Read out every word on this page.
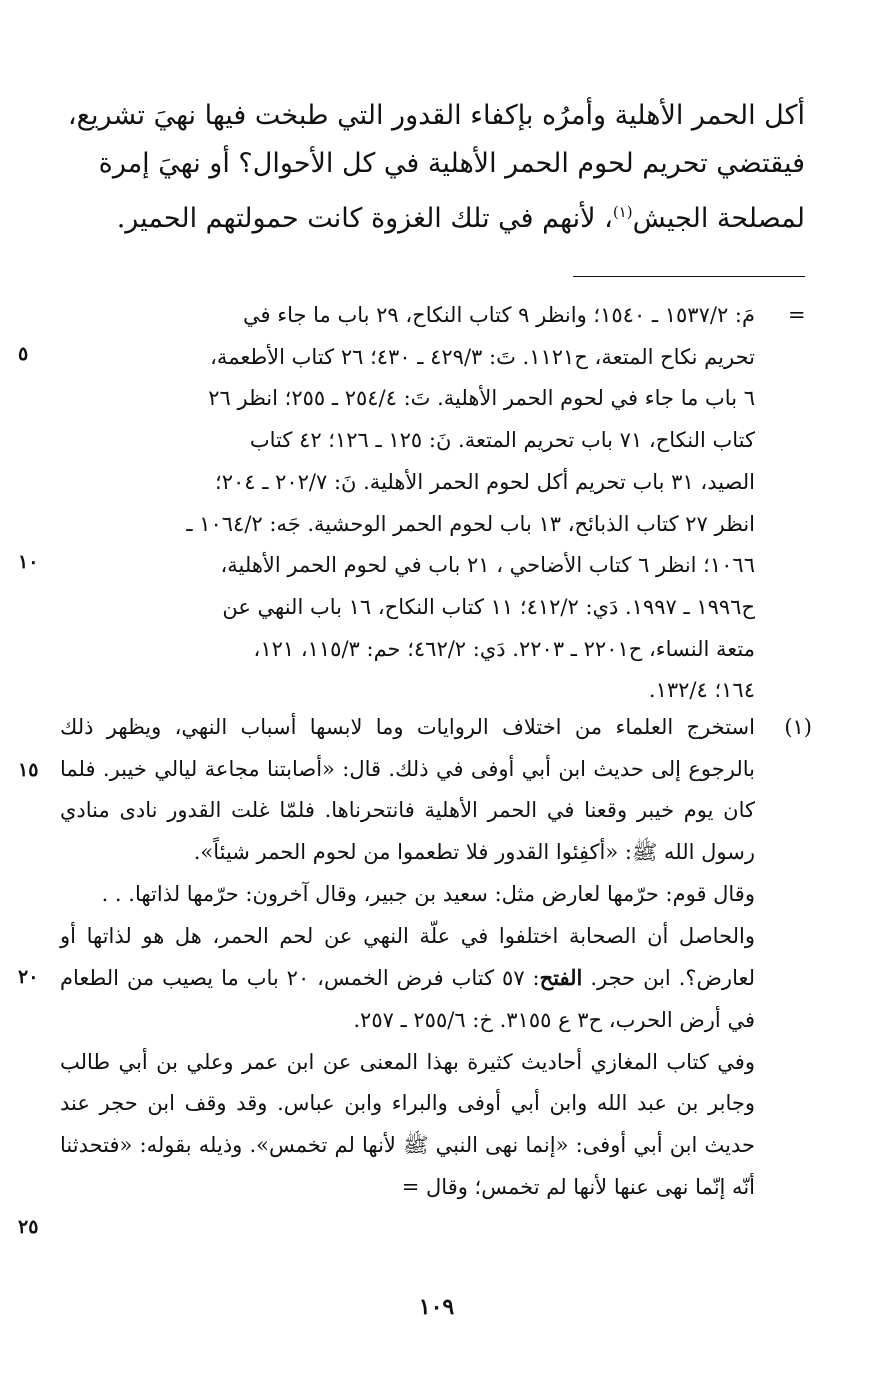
أكل الحمر الأهلية وأمرُه بإكفاء القدور التي طبخت فيها نهيَ تشريع،

فيقتضي تحريم لحوم الحمر الأهلية في كل الأحوال؟ أو نهيَ إمرة

لمصلحة الجيش$^{(١)}$، لأنهم في تلك الغزوة كانت حمولتهم الحمير.

=

مَ: ١٥٣٧/٢ ـ ١٥٤٠؛ وانظر ٩ كتاب النكاح، ٢٩ باب ما جاء في

تحريم نكاح المتعة، ح١١٢١. تَ: ٤٢٩/٣ ـ ٤٣٠؛ ٢٦ كتاب الأطعمة،

٦ باب ما جاء في لحوم الحمر الأهلية. تَ: ٢٥٤/٤ ـ ٢٥٥؛ انظر ٢٦

كتاب النكاح، ٧١ باب تحريم المتعة. نَ: ١٢٥ ـ ١٢٦؛ ٤٢ كتاب

الصيد، ٣١ باب تحريم أكل لحوم الحمر الأهلية. نَ: ٢٠٢/٧ ـ ٢٠٤؛

انظر ٢٧ كتاب الذبائح، ١٣ باب لحوم الحمر الوحشية. جَه: ١٠٦٤/٢ ـ

١٠٦٦؛ انظر ٦ كتاب الأضاحي ، ٢١ باب في لحوم الحمر الأهلية،

ح١٩٩٦ ـ ١٩٩٧. دَي: ٤١٢/٢؛ ١١ كتاب النكاح، ١٦ باب النهي عن

متعة النساء، ح٢٢٠١ ـ ٢٢٠٣. دَي: ٤٦٢/٢؛ حم: ١١٥/٣، ١٢١،

١٦٤؛ ١٣٢/٤.

(١)

استخرج العلماء من اختلاف الروايات وما لابسها أسباب النهي، ويظهر ذلك بالرجوع إلى حديث ابن أبي أوفى في ذلك. قال: «أصابتنا مجاعة ليالي خيبر. فلما كان يوم خيبر وقعنا في الحمر الأهلية فانتحرناها. فلمّا غلت القدور نادى منادي رسول الله ﷺ: «أكفِئوا القدور فلا تطعموا من لحوم الحمر شيئاً».

وقال قوم: حرّمها لعارض مثل: سعيد بن جبير، وقال آخرون: حرّمها لذاتها. . .

والحاصل أن الصحابة اختلفوا في علّة النهي عن لحم الحمر، هل هو لذاتها أو لعارض؟. ابن حجر. الفتح: ٥٧ كتاب فرض الخمس، ٢٠ باب ما يصيب من الطعام في أرض الحرب، ح٣ ع ٣١٥٥. خ: ٢٥٥/٦ ـ ٢٥٧.

وفي كتاب المغازي أحاديث كثيرة بهذا المعنى عن ابن عمر وعلي بن أبي طالب وجابر بن عبد الله وابن أبي أوفى والبراء وابن عباس. وقد وقف ابن حجر عند حديث ابن أبي أوفى: «إنما نهى النبي ﷺ لأنها لم تخمس». وذيله بقوله: «فتحدثنا أنّه إنّما نهى عنها لأنها لم تخمس؛ وقال =

٥
١٠
١٥
٢٠
٢٥
١٠٩
